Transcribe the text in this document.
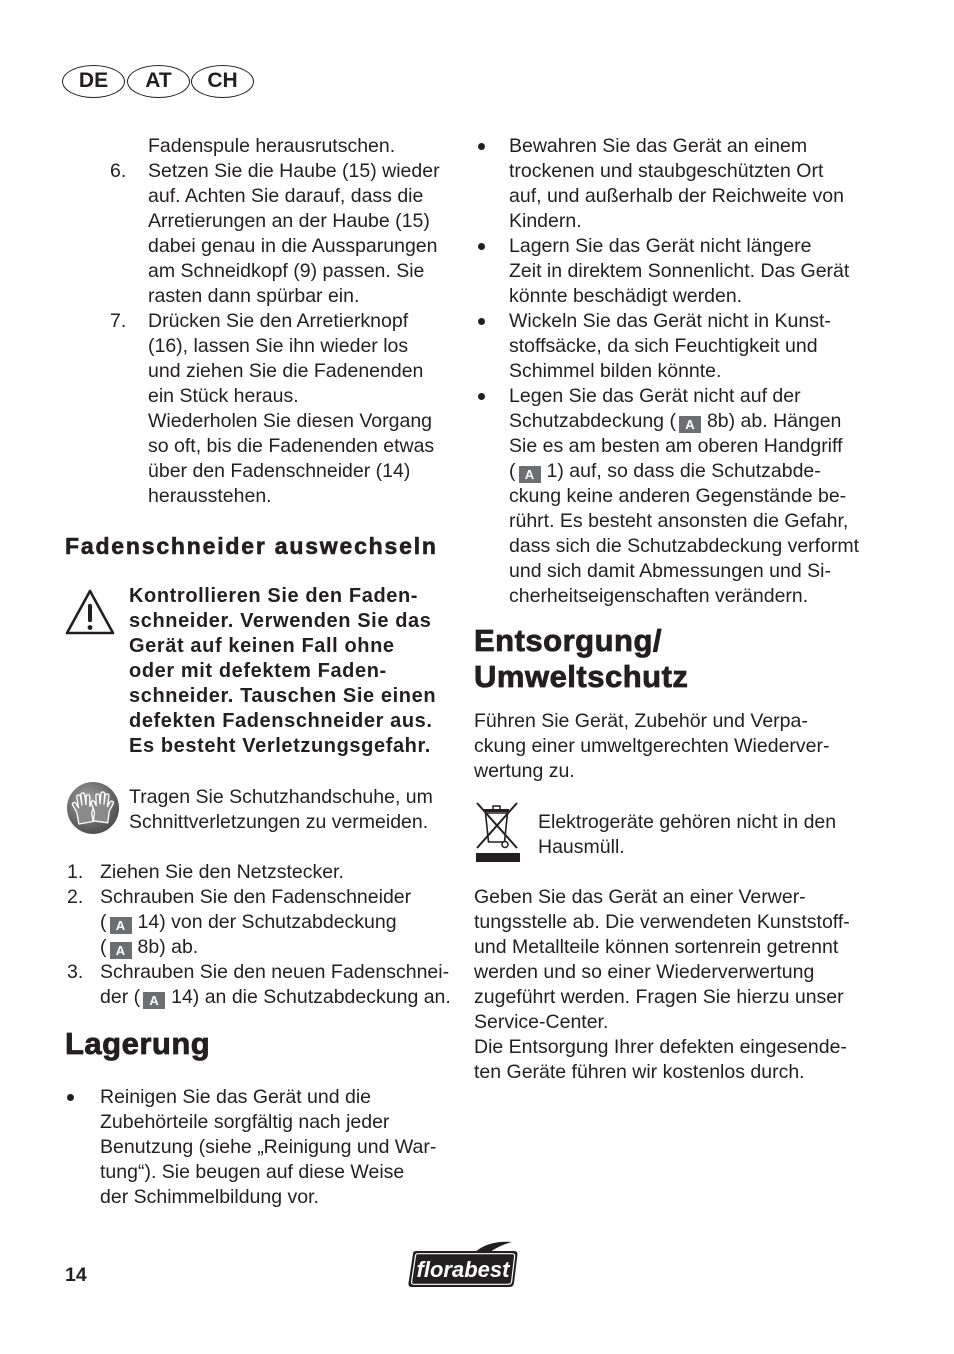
DE	AT	CH
Fadenspule herausrutschen.
6. Setzen Sie die Haube (15) wieder
auf. Achten Sie darauf, dass die
Arretierungen an der Haube (15)
dabei genau in die Aussparungen
am Schneidkopf (9) passen. Sie
rasten dann spürbar ein.
7. Drücken Sie den Arretierknopf
(16), lassen Sie ihn wieder los
und ziehen Sie die Fadenenden
ein Stück heraus.
Wiederholen Sie diesen Vorgang
so oft, bis die Fadenenden etwas
über den Fadenschneider (14)
herausstehen.
Fadenschneider auswechseln
Kontrollieren Sie den Faden-
schneider. Verwenden Sie das
Gerät auf keinen Fall ohne
oder mit defektem Faden-
schneider. Tauschen Sie einen
defekten Fadenschneider aus.
Es besteht Verletzungsgefahr.
Tragen Sie Schutzhandschuhe, um
Schnittverletzungen zu vermeiden.
1. Ziehen Sie den Netzstecker.
2. Schrauben Sie den Fadenschneider
( A 14) von der Schutzabdeckung
( A 8b) ab.
3. Schrauben Sie den neuen Fadenschnei-
der ( A 14) an die Schutzabdeckung an.
Lagerung
Reinigen Sie das Gerät und die
Zubehörteile sorgfältig nach jeder
Benutzung (siehe „Reinigung und War-
tung“). Sie beugen auf diese Weise
der Schimmelbildung vor.
Bewahren Sie das Gerät an einem
trockenen und staubgeschützten Ort
auf, und außerhalb der Reichweite von
Kindern.
Lagern Sie das Gerät nicht längere
Zeit in direktem Sonnenlicht. Das Gerät
könnte beschädigt werden.
Wickeln Sie das Gerät nicht in Kunst-
stoffsäcke, da sich Feuchtigkeit und
Schimmel bilden könnte.
Legen Sie das Gerät nicht auf der
Schutzabdeckung ( A 8b) ab. Hängen
Sie es am besten am oberen Handgriff
( A 1) auf, so dass die Schutzabde-
ckung keine anderen Gegenstände be-
rührt. Es besteht ansonsten die Gefahr,
dass sich die Schutzabdeckung verformt
und sich damit Abmessungen und Si-
cherheitseigenschaften verändern.
Entsorgung/
Umweltschutz
Führen Sie Gerät, Zubehör und Verpa-
ckung einer umweltgerechten Wiederver-
wertung zu.
Elektrogeräte gehören nicht in den
Hausmüll.
Geben Sie das Gerät an einer Verwer-
tungsstelle ab. Die verwendeten Kunststoff-
und Metallteile können sortenrein getrennt
werden und so einer Wiederverwertung
zugeführt werden. Fragen Sie hierzu unser
Service-Center.
Die Entsorgung Ihrer defekten eingesende-
ten Geräte führen wir kostenlos durch.
14	florabest
